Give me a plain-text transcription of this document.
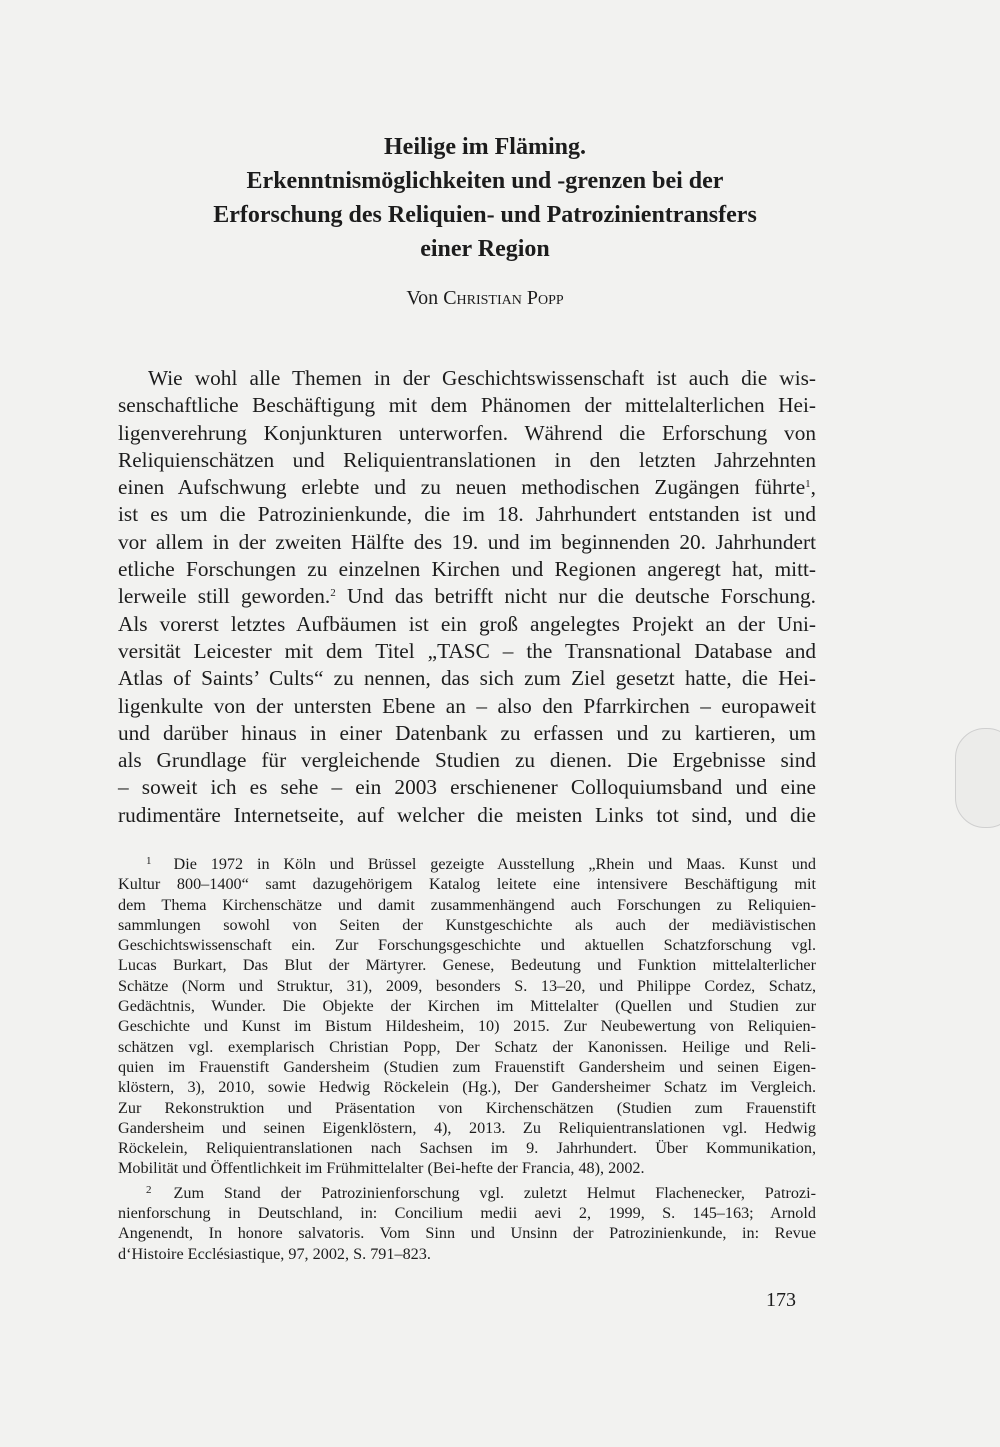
Heilige im Fläming.
Erkenntnismöglichkeiten und -grenzen bei der
Erforschung des Reliquien- und Patrozinientransfers
einer Region
Von Christian Popp
Wie wohl alle Themen in der Geschichtswissenschaft ist auch die wis-
senschaftliche Beschäftigung mit dem Phänomen der mittelalterlichen Hei-
ligenverehrung Konjunkturen unterworfen. Während die Erforschung von
Reliquienschätzen und Reliquientranslationen in den letzten Jahrzehnten
einen Aufschwung erlebte und zu neuen methodischen Zugängen führte$^1$,
ist es um die Patrozinienkunde, die im 18. Jahrhundert entstanden ist und
vor allem in der zweiten Hälfte des 19. und im beginnenden 20. Jahrhundert
etliche Forschungen zu einzelnen Kirchen und Regionen angeregt hat, mitt-
lerweile still geworden.$^2$ Und das betrifft nicht nur die deutsche Forschung.
Als vorerst letztes Aufbäumen ist ein groß angelegtes Projekt an der Uni-
versität Leicester mit dem Titel „TASC – the Transnational Database and
Atlas of Saints’ Cults“ zu nennen, das sich zum Ziel gesetzt hatte, die Hei-
ligenkulte von der untersten Ebene an – also den Pfarrkirchen – europaweit
und darüber hinaus in einer Datenbank zu erfassen und zu kartieren, um
als Grundlage für vergleichende Studien zu dienen. Die Ergebnisse sind
– soweit ich es sehe – ein 2003 erschienener Colloquiumsband und eine
rudimentäre Internetseite, auf welcher die meisten Links tot sind, und die
$^1$ Die 1972 in Köln und Brüssel gezeigte Ausstellung „Rhein und Maas. Kunst und
Kultur 800–1400“ samt dazugehörigem Katalog leitete eine intensivere Beschäftigung mit
dem Thema Kirchenschätze und damit zusammenhängend auch Forschungen zu Reliquien-
sammlungen sowohl von Seiten der Kunstgeschichte als auch der mediävistischen
Geschichtswissenschaft ein. Zur Forschungsgeschichte und aktuellen Schatzforschung vgl.
Lucas Burkart, Das Blut der Märtyrer. Genese, Bedeutung und Funktion mittelalterlicher
Schätze (Norm und Struktur, 31), 2009, besonders S. 13–20, und Philippe Cordez, Schatz,
Gedächtnis, Wunder. Die Objekte der Kirchen im Mittelalter (Quellen und Studien zur
Geschichte und Kunst im Bistum Hildesheim, 10) 2015. Zur Neubewertung von Reliquien-
schätzen vgl. exemplarisch Christian Popp, Der Schatz der Kanonissen. Heilige und Reli-
quien im Frauenstift Gandersheim (Studien zum Frauenstift Gandersheim und seinen Eigen-
klöstern, 3), 2010, sowie Hedwig Röckelein (Hg.), Der Gandersheimer Schatz im Vergleich.
Zur Rekonstruktion und Präsentation von Kirchenschätzen (Studien zum Frauenstift
Gandersheim und seinen Eigenklöstern, 4), 2013. Zu Reliquientranslationen vgl. Hedwig
Röckelein, Reliquientranslationen nach Sachsen im 9. Jahrhundert. Über Kommunikation,
Mobilität und Öffentlichkeit im Frühmittelalter (Bei-hefte der Francia, 48), 2002.
$^2$ Zum Stand der Patrozinienforschung vgl. zuletzt Helmut Flachenecker, Patrozi-
nienforschung in Deutschland, in: Concilium medii aevi 2, 1999, S. 145–163; Arnold
Angenendt, In honore salvatoris. Vom Sinn und Unsinn der Patrozinienkunde, in: Revue
d‘Histoire Ecclésiastique, 97, 2002, S. 791–823.
173
